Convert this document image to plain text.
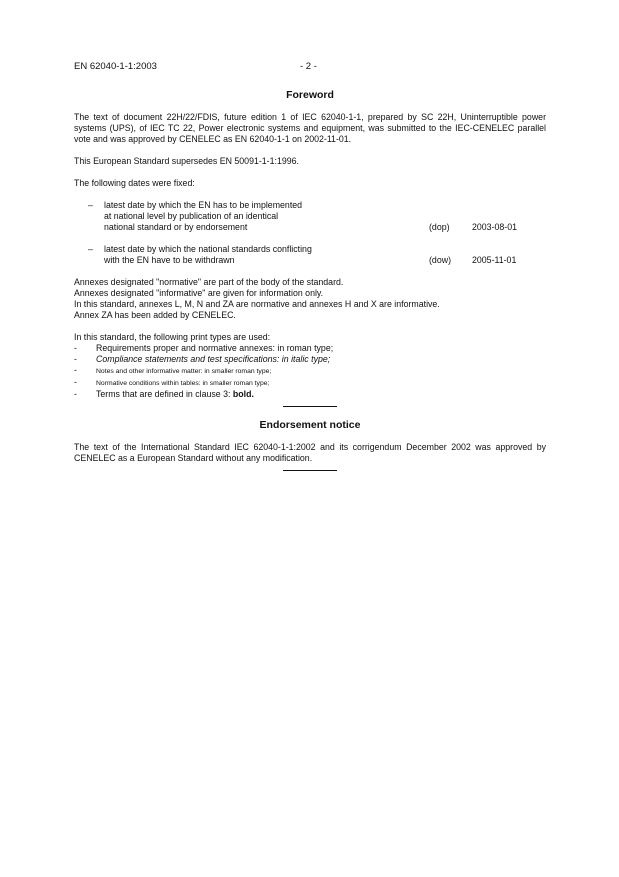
EN 62040-1-1:2003	- 2 -
Foreword

The text of document 22H/22/FDIS, future edition 1 of IEC 62040-1-1, prepared by SC 22H, Uninterruptible power systems (UPS), of IEC TC 22, Power electronic systems and equipment, was submitted to the IEC-CENELEC parallel vote and was approved by CENELEC as EN 62040-1-1 on 2002-11-01.

This European Standard supersedes EN 50091-1-1:1996.

The following dates were fixed:

– latest date by which the EN has to be implemented
at national level by publication of an identical
national standard or by endorsement	(dop)	2003-08-01
– latest date by which the national standards conflicting
with the EN have to be withdrawn	(dow) 2005-11-01
Annexes designated "normative" are part of the body of the standard.
Annexes designated "informative" are given for information only.
In this standard, annexes L, M, N and ZA are normative and annexes H and X are informative.
Annex ZA has been added by CENELEC.

In this standard, the following print types are used:

- Requirements proper and normative annexes: in roman type;
- Compliance statements and test specifications: in italic type;
-	Notes and other informative matter: in smaller roman type;
-	Normative conditions within tables: in smaller roman type;
- Terms that are defined in clause 3: bold.
Endorsement notice

The text of the International Standard IEC 62040-1-1:2002 and its corrigendum December 2002 was approved by CENELEC as a European Standard without any modification.
